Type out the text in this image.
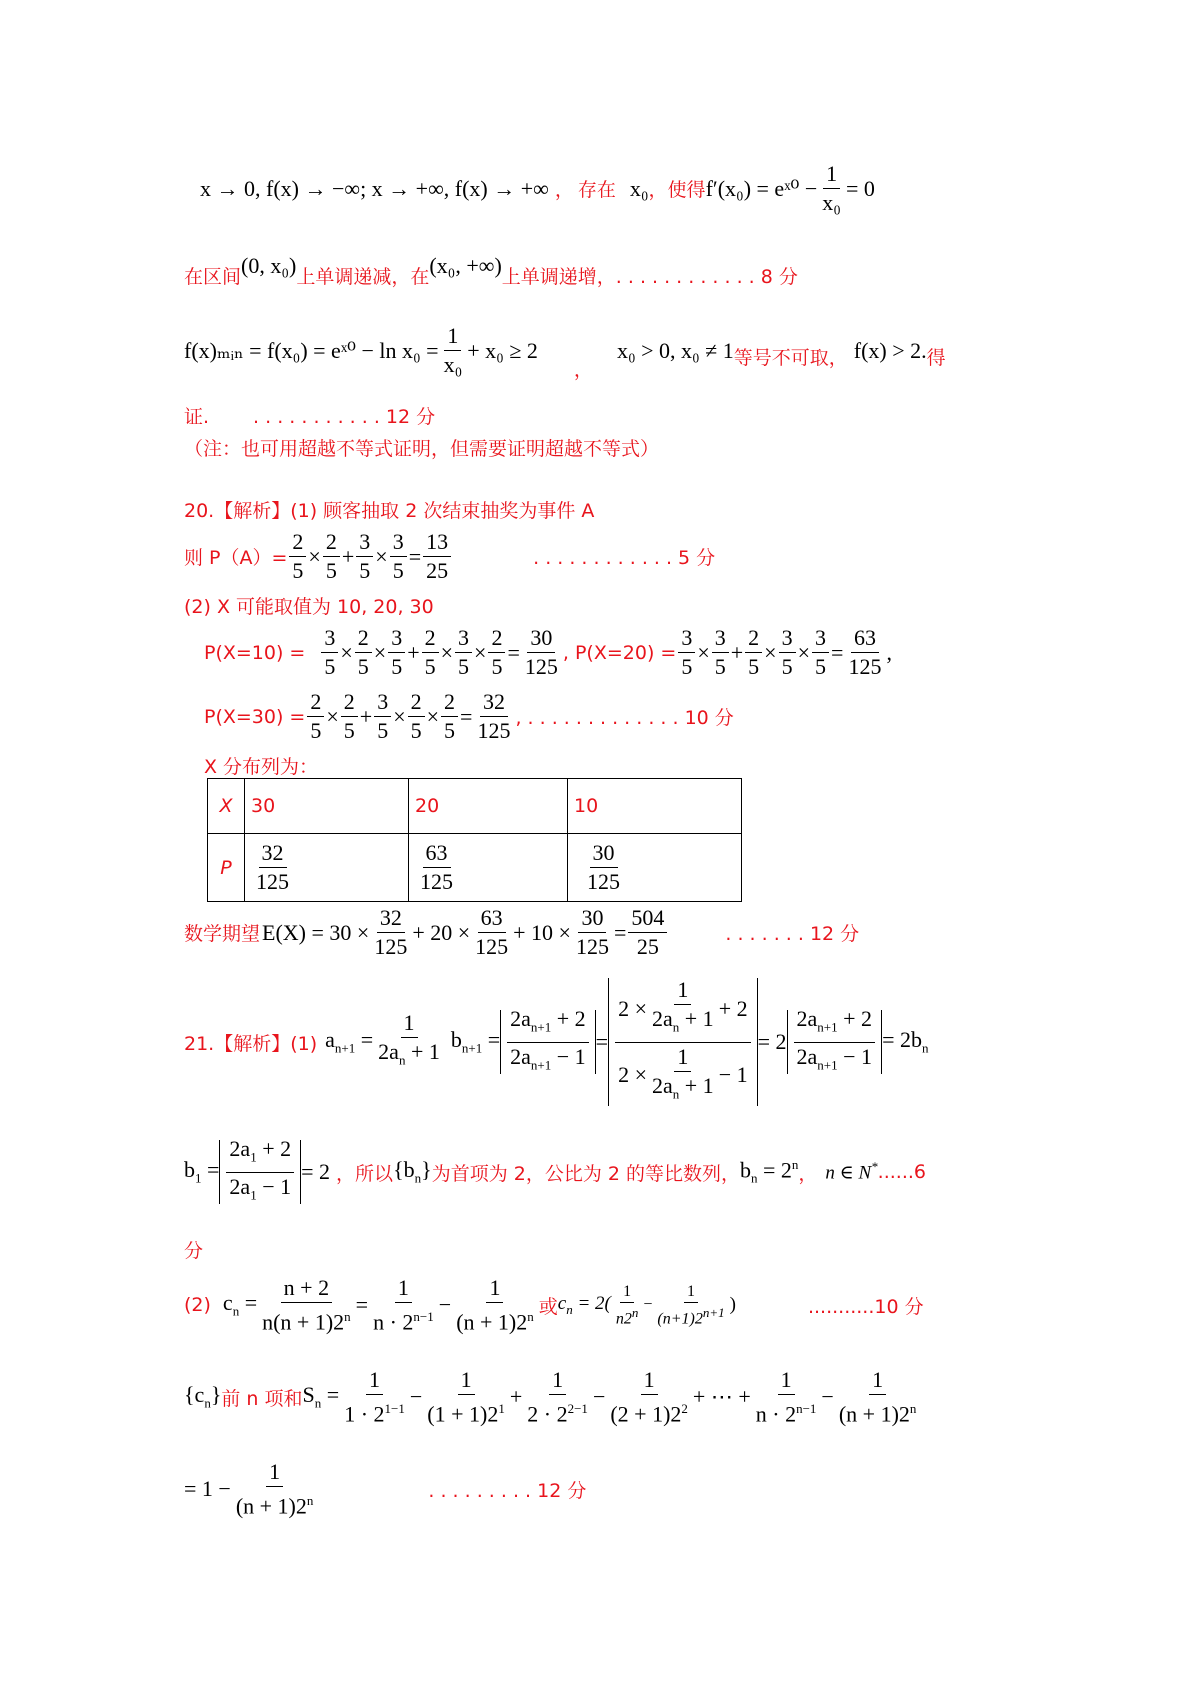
x → 0, f(x) → −∞; x → +∞, f(x) → +∞ ， 存在 x₀ ，使得 f′(x₀) = eˣ⁰ − $\frac{1}{\text{x₀}} = 0$
在区间 (0, x₀) 上单调递减，在 (x₀, +∞) 上单调递增，. . . . . . . . . . . . 8 分
f(x)ₘᵢₙ = f(x₀) = eˣ⁰ − $\ln x_0 = \frac{1}{\text{x₀}} + x_0 \ge 2$
，
x₀ > 0, x₀ ≠ 1 等号不可取， f(x) > 2. 得
证. . . . . . . . . . . . 12 分
（注：也可用超越不等式证明，但需要证明超越不等式）
20.【解析】(1) 顾客抽取 2 次结束抽奖为事件 A
则 $P(A)= \frac{2}{5} \times \frac{2}{5} + \frac{3}{5} \times \frac{3}{5} = \frac{13}{25}$	. . . . . . . . . . . . 5 分
(2) X 可能取值为 10, 20, 30
$P(X=10) = \frac{3}{5} \times \frac{2}{5} \times \frac{3}{5} + \frac{2}{5} \times \frac{3}{5} \times \frac{2}{5} = \frac{30}{125}$ , $P(X=20) = \frac{3}{5} \times \frac{3}{5} + \frac{2}{5} \times \frac{3}{5} \times \frac{3}{5} = \frac{63}{125}$ ,
$P(X=30) = \frac{2}{5} \times \frac{2}{5} + \frac{3}{5} \times \frac{2}{5} \times \frac{2}{5} = \frac{32}{125}$ , . . . . . . . . . . . . . 10 分
X 分布列为：
X	30	20	10
P	$\frac{32}{125}$	$\frac{63}{125}$	$\frac{30}{125}$
数学期望 $E(X) = 30 \times \frac{32}{125} + 20 \times \frac{63}{125} + 10 \times \frac{30}{125} = \frac{504}{25}$	. . . . . . . 12 分
21.【解析】(1) $a_{n+1} = \frac{1}{2a_n + 1} b_{n+1} = \frac{2a_{n+1} + 2}{2a_{n+1} - 1} = \frac{2 \times \frac{1}{2a_n + 1} + 2}{2 \times \frac{1}{2a_n + 1} - 1} = 2 \frac{2a_{n+1} + 2}{2a_{n+1} - 1} = 2b_n$
$b_1 = \frac{2a_1 + 2}{2a_1 - 1} = 2$ ， 所以 $\{b_n\}$ 为首项为 2，公比为 2 的等比数列， $b_n = 2^n$ ， n ∈ N* ......6
分
(2) $c_n = \frac{n + 2}{n(n + 1)2^n} = \frac{1}{n \cdot 2^{n-1}} - \frac{1}{(n + 1)2^n}$ 或 $c_n = 2( \frac{1}{n2^n} - \frac{1}{(n+1)2^{n+1}}$ )	...........10 分
$\{c_n\}$ 前 n 项和 $S_n = \frac{1}{1 \cdot 2^{1-1}} - \frac{1}{(1 + 1)2^1} + \frac{1}{2 \cdot 2^{2-1}} - \frac{1}{(2 + 1)2^2}$ + ⋯ + $\frac{1}{n \cdot 2^{n-1}} - \frac{1}{(n + 1)2^n}$
= $1 - \frac{1}{(n + 1)2^n}$	. . . . . . . . . 12 分
